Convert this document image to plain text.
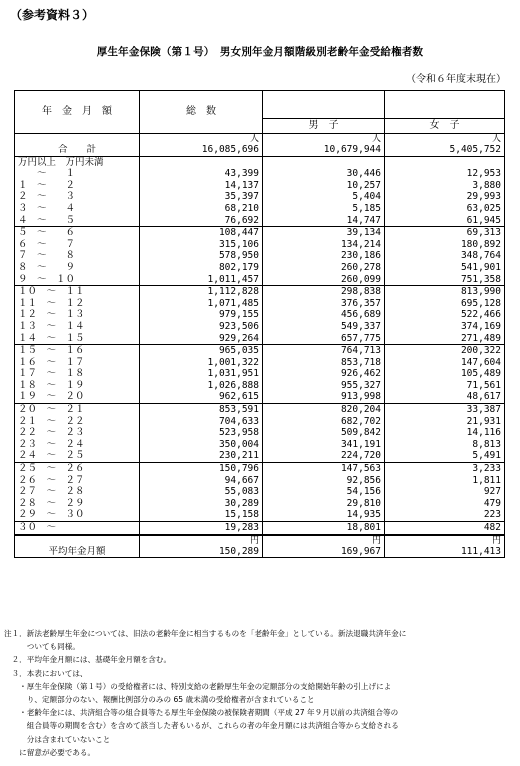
（参考資料３）
厚生年金保険（第１号）　男女別年金月額階級別老齢年金受給権者数
（令和６年度末現在）
年　金　月　額	総　数		
		男　子	女　子
	人	人	人
合　　計	16,085,696	10,679,944	5,405,752
万円以上　万円未満			
　　～　　１	43,399	30,446	12,953
１　～　　２	14,137	10,257	3,880
２　～　　３	35,397	5,404	29,993
３　～　　４	68,210	5,185	63,025
４　～　　５	76,692	14,747	61,945
５　～　　６	108,447	39,134	69,313
６　～　　７	315,106	134,214	180,892
７　～　　８	578,950	230,186	348,764
８　～　　９	802,179	260,278	541,901
９　～　１０	1,011,457	260,099	751,358
１０　～　１１	1,112,828	298,838	813,990
１１　～　１２	1,071,485	376,357	695,128
１２　～　１３	979,155	456,689	522,466
１３　～　１４	923,506	549,337	374,169
１４　～　１５	929,264	657,775	271,489
１５　～　１６	965,035	764,713	200,322
１６　～　１７	1,001,322	853,718	147,604
１７　～　１８	1,031,951	926,462	105,489
１８　～　１９	1,026,888	955,327	71,561
１９　～　２０	962,615	913,998	48,617
２０　～　２１	853,591	820,204	33,387
２１　～　２２	704,633	682,702	21,931
２２　～　２３	523,958	509,842	14,116
２３　～　２４	350,004	341,191	8,813
２４　～　２５	230,211	224,720	5,491
２５　～　２６	150,796	147,563	3,233
２６　～　２７	94,667	92,856	1,811
２７　～　２８	55,083	54,156	927
２８　～　２９	30,289	29,810	479
２９　～　３０	15,158	14,935	223
３０　～	19,283	18,801	482
	円	円	円
平均年金月額	150,289	169,967	111,413
注１．新法老齢厚生年金については、旧法の老齢年金に相当するものを「老齢年金」としている。新法退職共済年金に
　　　ついても同様。
　２．平均年金月額には、基礎年金月額を含む。
　３．本表においては、
　　・厚生年金保険（第１号）の受給権者には、特別支給の老齢厚生年金の定額部分の支給開始年齢の引上げによ
　　　り、定額部分のない、報酬比例部分のみの 65 歳未満の受給権者が含まれていること
　　・老齢年金には、共済組合等の組合員等たる厚生年金保険の被保険者期間（平成 27 年９月以前の共済組合等の
　　　組合員等の期間を含む）を含めて該当した者もいるが、これらの者の年金月額には共済組合等から支給される
　　　分は含まれていないこと
　　に留意が必要である。
